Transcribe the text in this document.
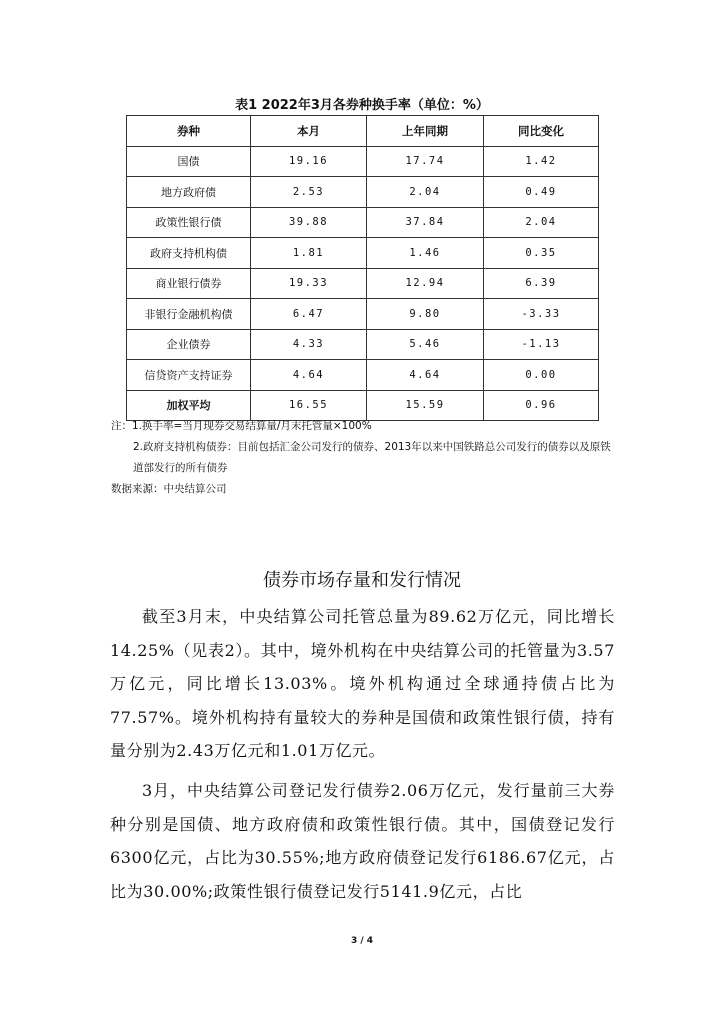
表1 2022年3月各券种换手率（单位：%）
券种	本月	上年同期	同比变化
国债	19.16	17.74	1.42
地方政府债	2.53	2.04	0.49
政策性银行债	39.88	37.84	2.04
政府支持机构债	1.81	1.46	0.35
商业银行债券	19.33	12.94	6.39
非银行金融机构债	6.47	9.80	-3.33
企业债券	4.33	5.46	-1.13
信贷资产支持证券	4.64	4.64	0.00
加权平均	16.55	15.59	0.96

注：1.换手率=当月现券交易结算量/月末托管量×100%

2.政府支持机构债券：目前包括汇金公司发行的债券、2013年以来中国铁路总公司发行的债券以及原铁道部发行的所有债券

数据来源：中央结算公司

债券市场存量和发行情况

截至3月末，中央结算公司托管总量为89.62万亿元，同比增长14.25%（见表2）。其中，境外机构在中央结算公司的托管量为3.57万亿元，同比增长13.03%。境外机构通过全球通持债占比为 77.57%。境外机构持有量较大的券种是国债和政策性银行债，持有量分别为2.43万亿元和1.01万亿元。

3月，中央结算公司登记发行债券2.06万亿元，发行量前三大券种分别是国债、地方政府债和政策性银行债。其中，国债登记发行6300亿元，占比为30.55%;地方政府债登记发行6186.67亿元，占比为30.00%;政策性银行债登记发行5141.9亿元，占比

3 / 4
